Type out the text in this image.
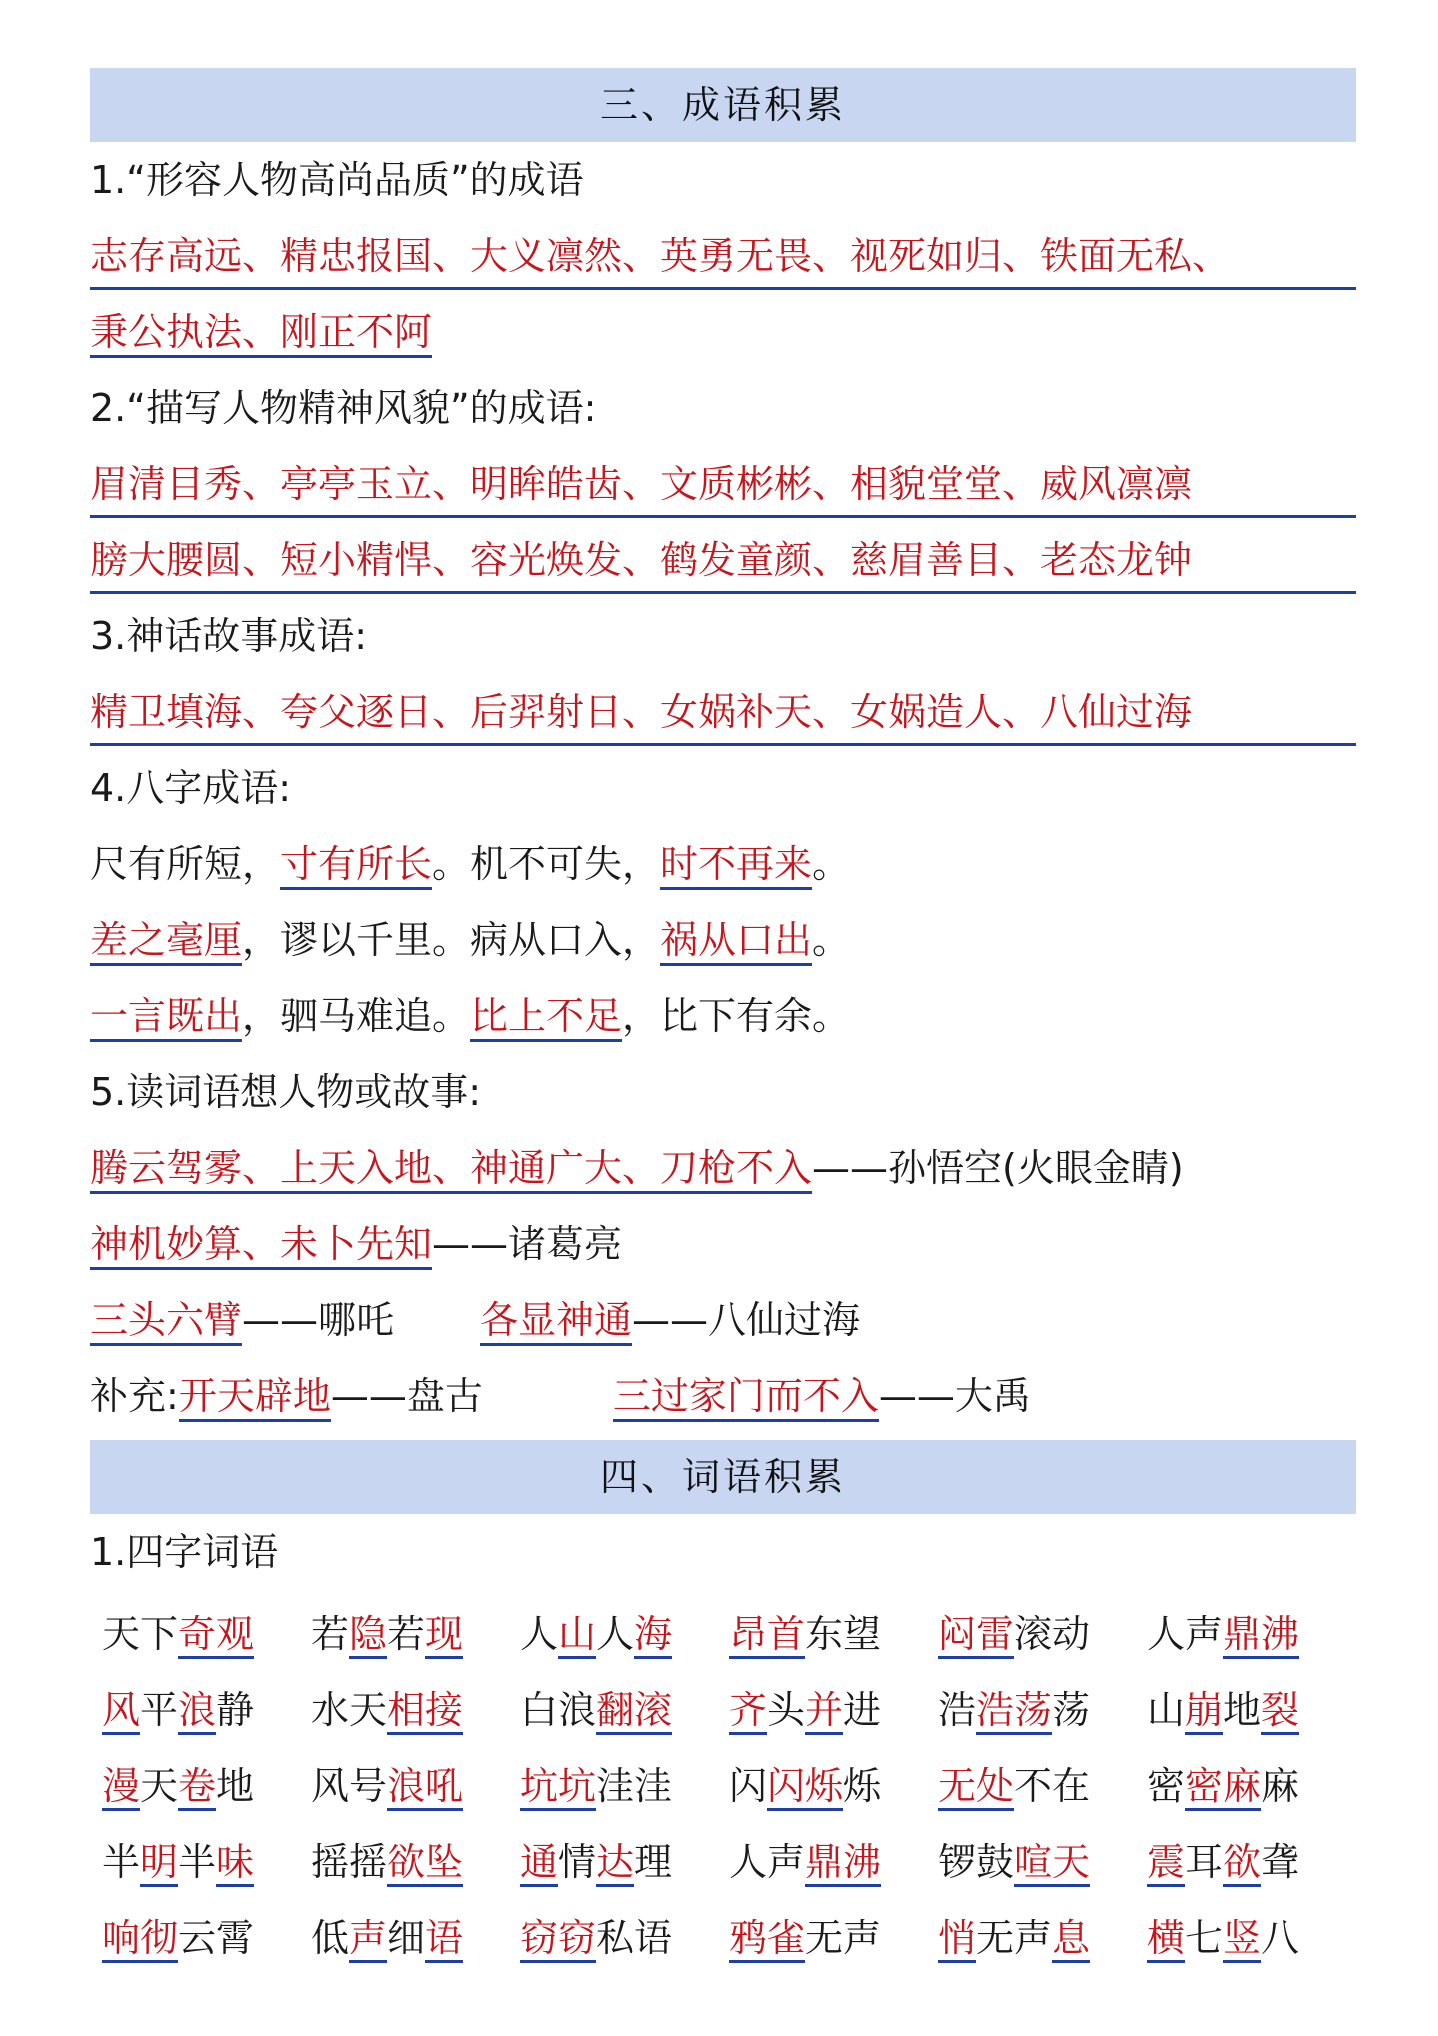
三、成语积累
1.“形容人物高尚品质”的成语
志存高远、精忠报国、大义凛然、英勇无畏、视死如归、铁面无私、
秉公执法、刚正不阿
2.“描写人物精神风貌”的成语:
眉清目秀、亭亭玉立、明眸皓齿、文质彬彬、相貌堂堂、威风凛凛
膀大腰圆、短小精悍、容光焕发、鹤发童颜、慈眉善目、老态龙钟
3.神话故事成语:
精卫填海、夸父逐日、后羿射日、女娲补天、女娲造人、八仙过海
4.八字成语:
尺有所短，寸有所长。机不可失，时不再来。
差之毫厘，谬以千里。病从口入，祸从口出。
一言既出，驷马难追。比上不足，比下有余。
5.读词语想人物或故事:
腾云驾雾、上天入地、神通广大、刀枪不入——孙悟空(火眼金睛)
神机妙算、未卜先知——诸葛亮
三头六臂——哪吒 各显神通——八仙过海
补充:开天辟地——盘古	三过家门而不入——大禹
四、词语积累
1.四字词语
天下奇观	若隐若现	人山人海	昂首东望	闷雷滚动	人声鼎沸
风平浪静	水天相接	白浪翻滚	齐头并进	浩浩荡荡	山崩地裂
漫天卷地	风号浪吼	坑坑洼洼	闪闪烁烁	无处不在	密密麻麻
半明半味	摇摇欲坠	通情达理	人声鼎沸	锣鼓喧天	震耳欲聋
响彻云霄	低声细语	窃窃私语	鸦雀无声	悄无声息	横七竖八
